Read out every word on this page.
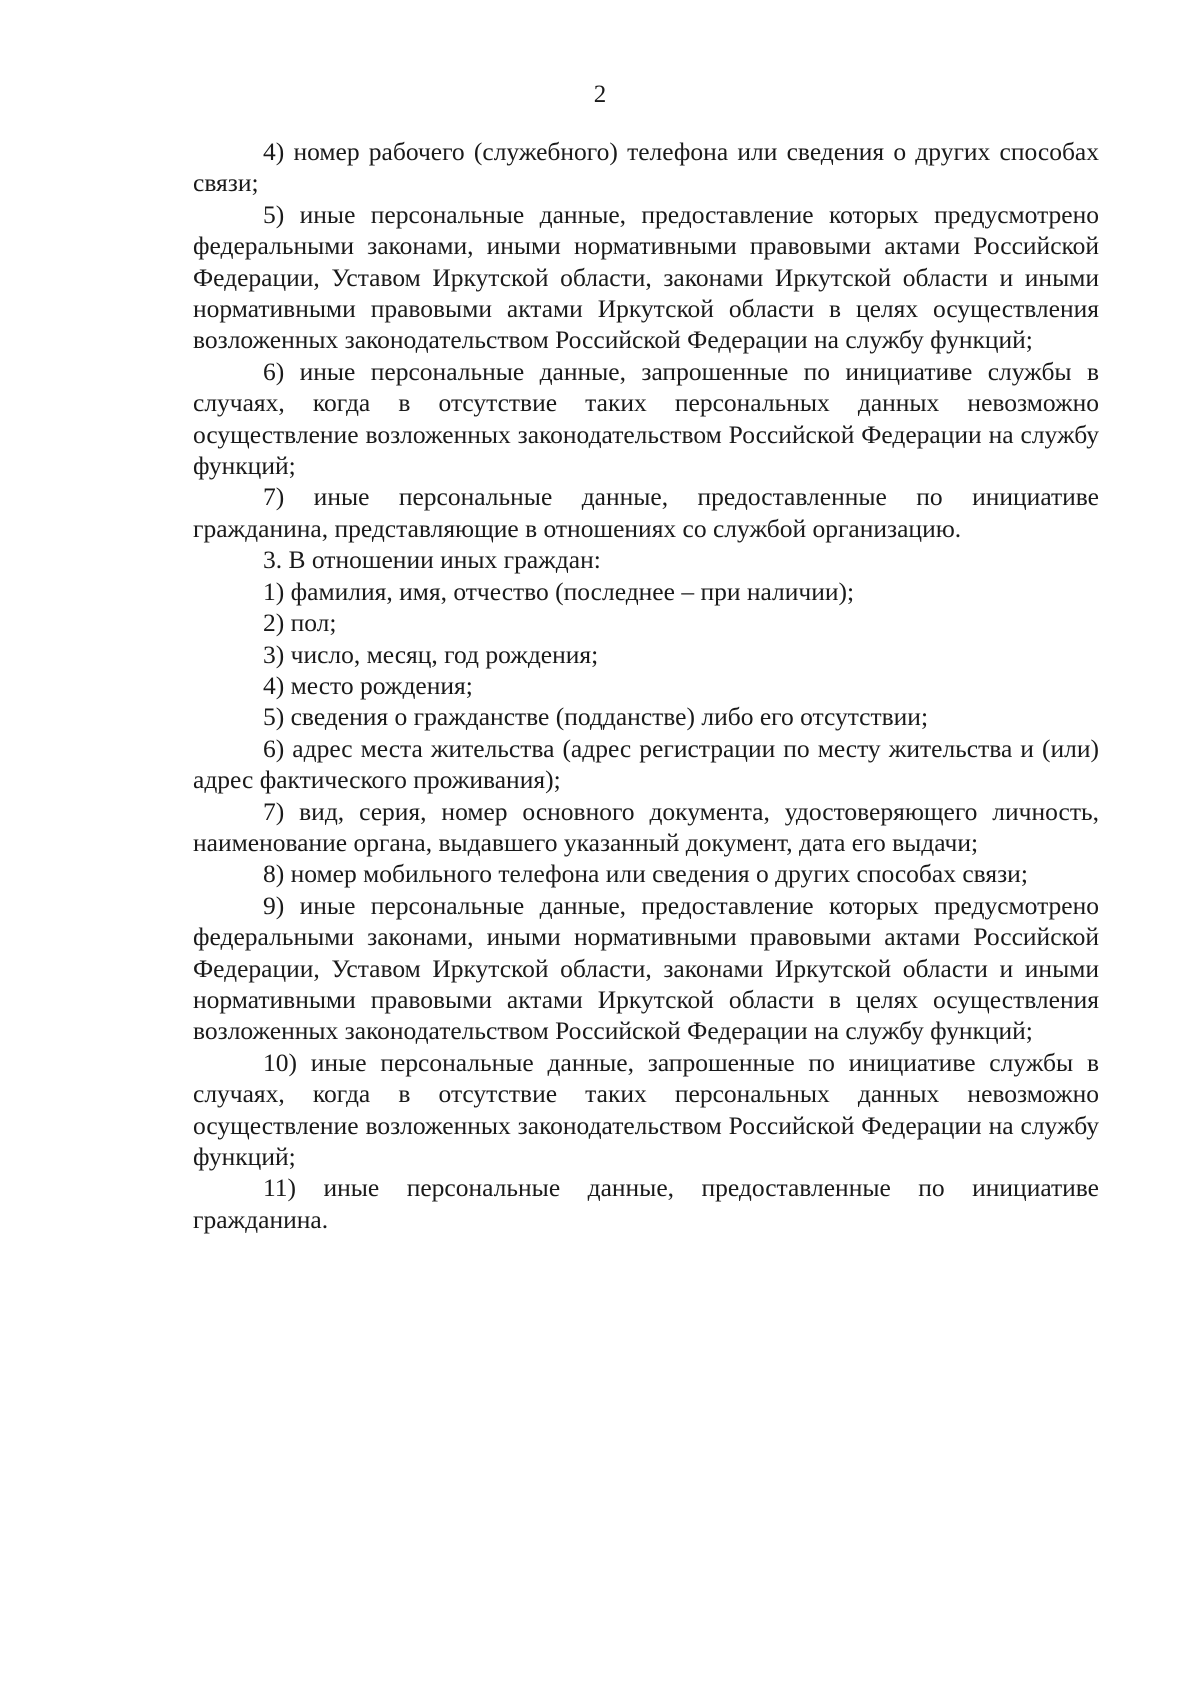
2

4) номер рабочего (служебного) телефона или сведения о других способах связи;

5) иные персональные данные, предоставление которых предусмотрено федеральными законами, иными нормативными правовыми актами Российской Федерации, Уставом Иркутской области, законами Иркутской области и иными нормативными правовыми актами Иркутской области в целях осуществления возложенных законодательством Российской Федерации на службу функций;

6) иные персональные данные, запрошенные по инициативе службы в случаях, когда в отсутствие таких персональных данных невозможно осуществление возложенных законодательством Российской Федерации на службу функций;

7) иные персональные данные, предоставленные по инициативе гражданина, представляющие в отношениях со службой организацию.

3. В отношении иных граждан:

1) фамилия, имя, отчество (последнее – при наличии);

2) пол;

3) число, месяц, год рождения;

4) место рождения;

5) сведения о гражданстве (подданстве) либо его отсутствии;

6) адрес места жительства (адрес регистрации по месту жительства и (или) адрес фактического проживания);

7) вид, серия, номер основного документа, удостоверяющего личность, наименование органа, выдавшего указанный документ, дата его выдачи;

8) номер мобильного телефона или сведения о других способах связи;

9) иные персональные данные, предоставление которых предусмотрено федеральными законами, иными нормативными правовыми актами Российской Федерации, Уставом Иркутской области, законами Иркутской области и иными нормативными правовыми актами Иркутской области в целях осуществления возложенных законодательством Российской Федерации на службу функций;

10) иные персональные данные, запрошенные по инициативе службы в случаях, когда в отсутствие таких персональных данных невозможно осуществление возложенных законодательством Российской Федерации на службу функций;

11) иные персональные данные, предоставленные по инициативе гражданина.
